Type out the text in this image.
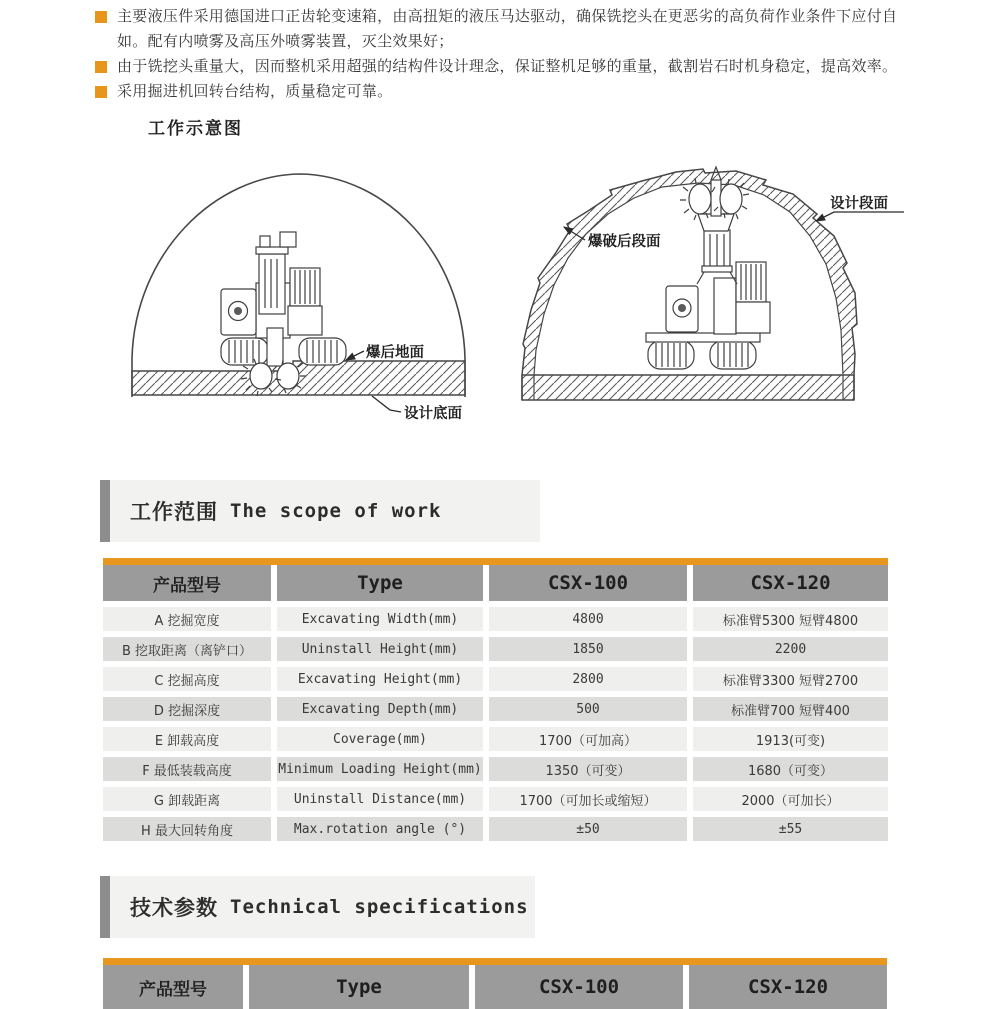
主要液压件采用德国进口正齿轮变速箱，由高扭矩的液压马达驱动，确保铣挖头在更恶劣的高负荷作业条件下应付自如。配有内喷雾及高压外喷雾装置，灭尘效果好；
由于铣挖头重量大，因而整机采用超强的结构件设计理念，保证整机足够的重量，截割岩石时机身稳定，提高效率。
采用掘进机回转台结构，质量稳定可靠。
工作示意图
爆后地面
设计底面
爆破后段面
设计段面
工作范围 The scope of work
产品型号	Type	CSX-100	CSX-120
A 挖掘宽度	Excavating Width(mm)	4800	标准臂5300 短臂4800
B 挖取距离（离铲口）	Uninstall Height(mm)	1850	2200
C 挖掘高度	Excavating Height(mm)	2800	标准臂3300 短臂2700
D 挖掘深度	Excavating Depth(mm)	500	标准臂700 短臂400
E 卸载高度	Coverage(mm)	1700（可加高）	1913(可变)
F 最低装载高度	Minimum Loading Height(mm)	1350（可变）	1680（可变）
G 卸载距离	Uninstall Distance(mm)	1700（可加长或缩短）	2000（可加长）
H 最大回转角度	Max.rotation angle (°)	±50	±55
技术参数 Technical specifications
产品型号	Type	CSX-100	CSX-120
